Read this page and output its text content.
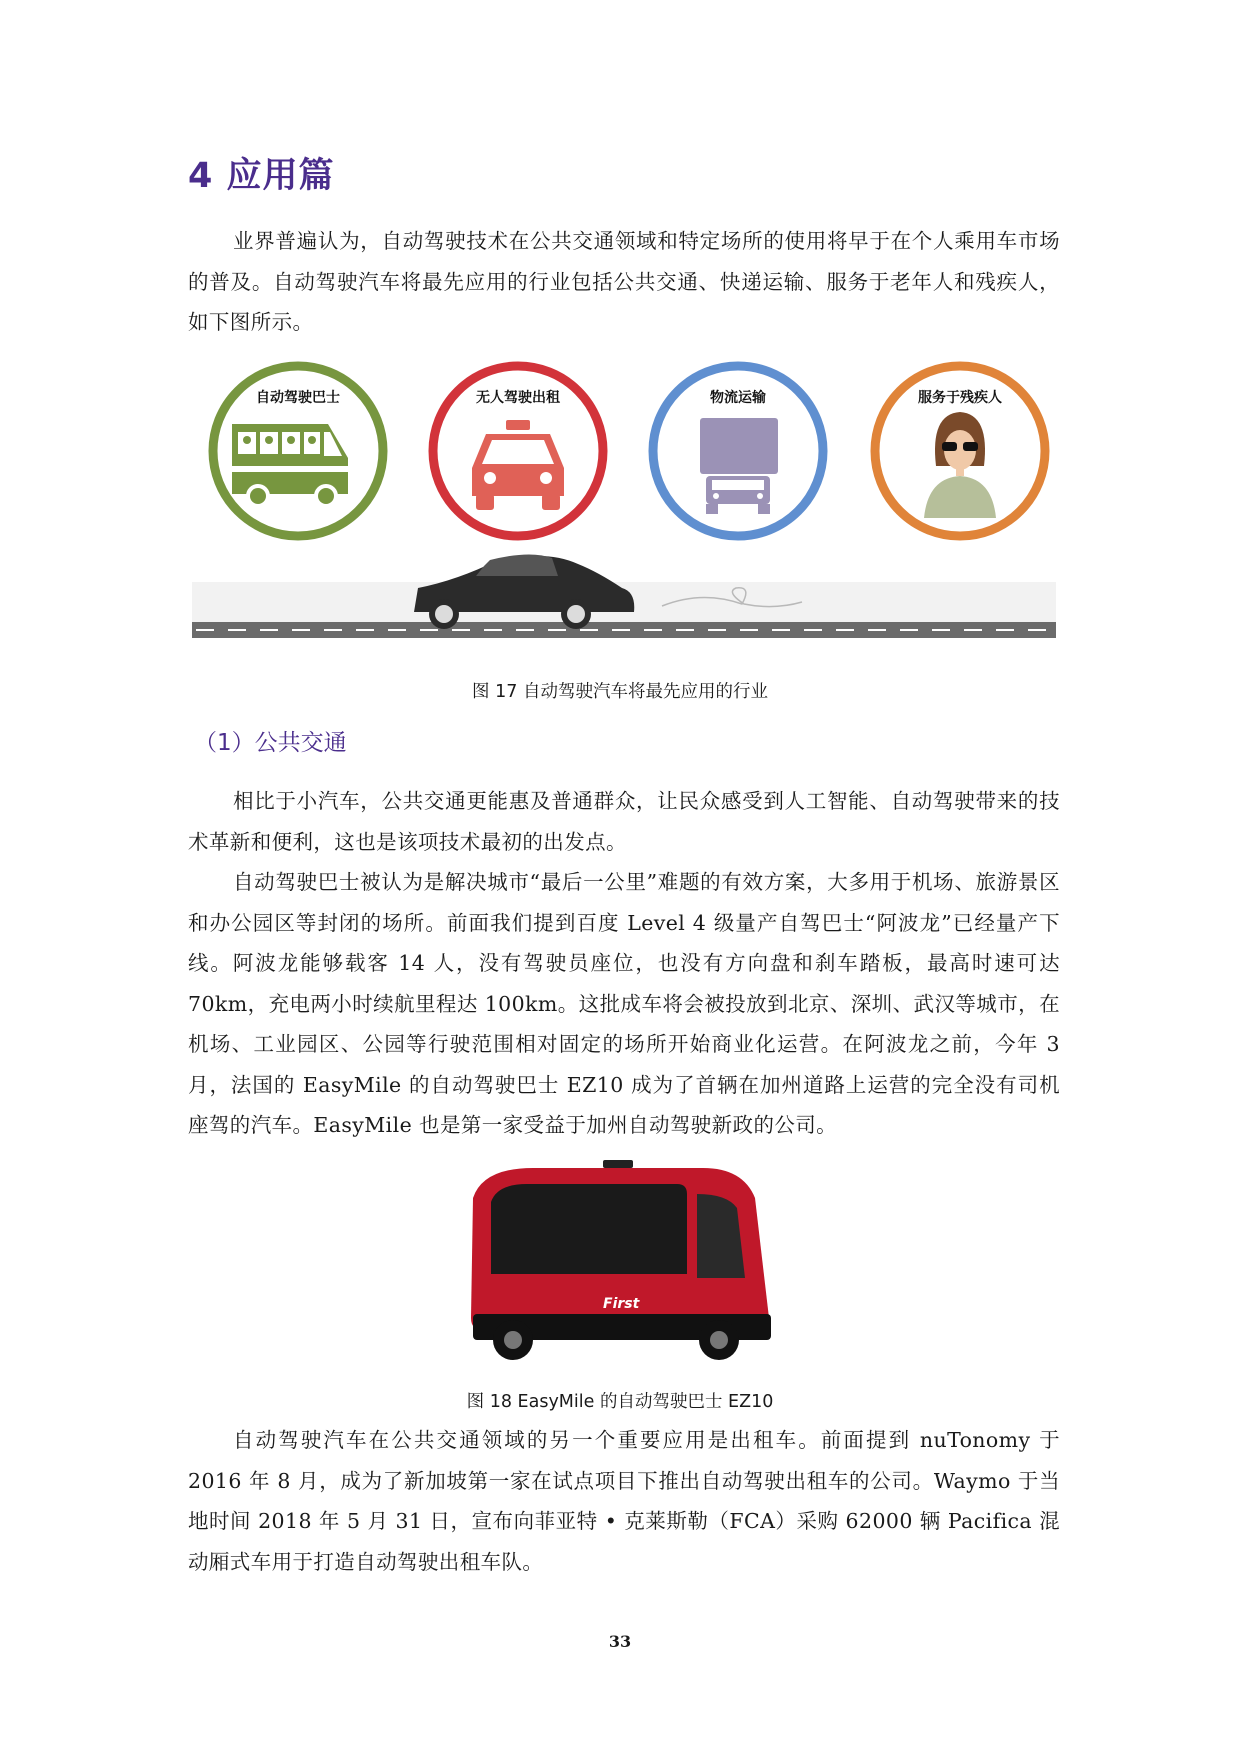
4 应用篇

业界普遍认为，自动驾驶技术在公共交通领域和特定场所的使用将早于在个人乘用车市场的普及。自动驾驶汽车将最先应用的行业包括公共交通、快递运输、服务于老年人和残疾人，如下图所示。

自动驾驶巴士	无人驾驶出租	物流运输	服务于残疾人
图 17 自动驾驶汽车将最先应用的行业
（1）公共交通

相比于小汽车，公共交通更能惠及普通群众，让民众感受到人工智能、自动驾驶带来的技术革新和便利，这也是该项技术最初的出发点。

自动驾驶巴士被认为是解决城市“最后一公里”难题的有效方案，大多用于机场、旅游景区和办公园区等封闭的场所。前面我们提到百度 Level 4 级量产自驾巴士“阿波龙”已经量产下线。阿波龙能够载客 14 人，没有驾驶员座位，也没有方向盘和刹车踏板，最高时速可达 70km，充电两小时续航里程达 100km。这批成车将会被投放到北京、深圳、武汉等城市，在机场、工业园区、公园等行驶范围相对固定的场所开始商业化运营。在阿波龙之前，今年 3 月，法国的 EasyMile 的自动驾驶巴士 EZ10 成为了首辆在加州道路上运营的完全没有司机座驾的汽车。EasyMile 也是第一家受益于加州自动驾驶新政的公司。

First
图 18 EasyMile 的自动驾驶巴士 EZ10

自动驾驶汽车在公共交通领域的另一个重要应用是出租车。前面提到 nuTonomy 于 2016 年 8 月，成为了新加坡第一家在试点项目下推出自动驾驶出租车的公司。Waymo 于当地时间 2018 年 5 月 31 日，宣布向菲亚特 • 克莱斯勒（FCA）采购 62000 辆 Pacifica 混动厢式车用于打造自动驾驶出租车队。

33
